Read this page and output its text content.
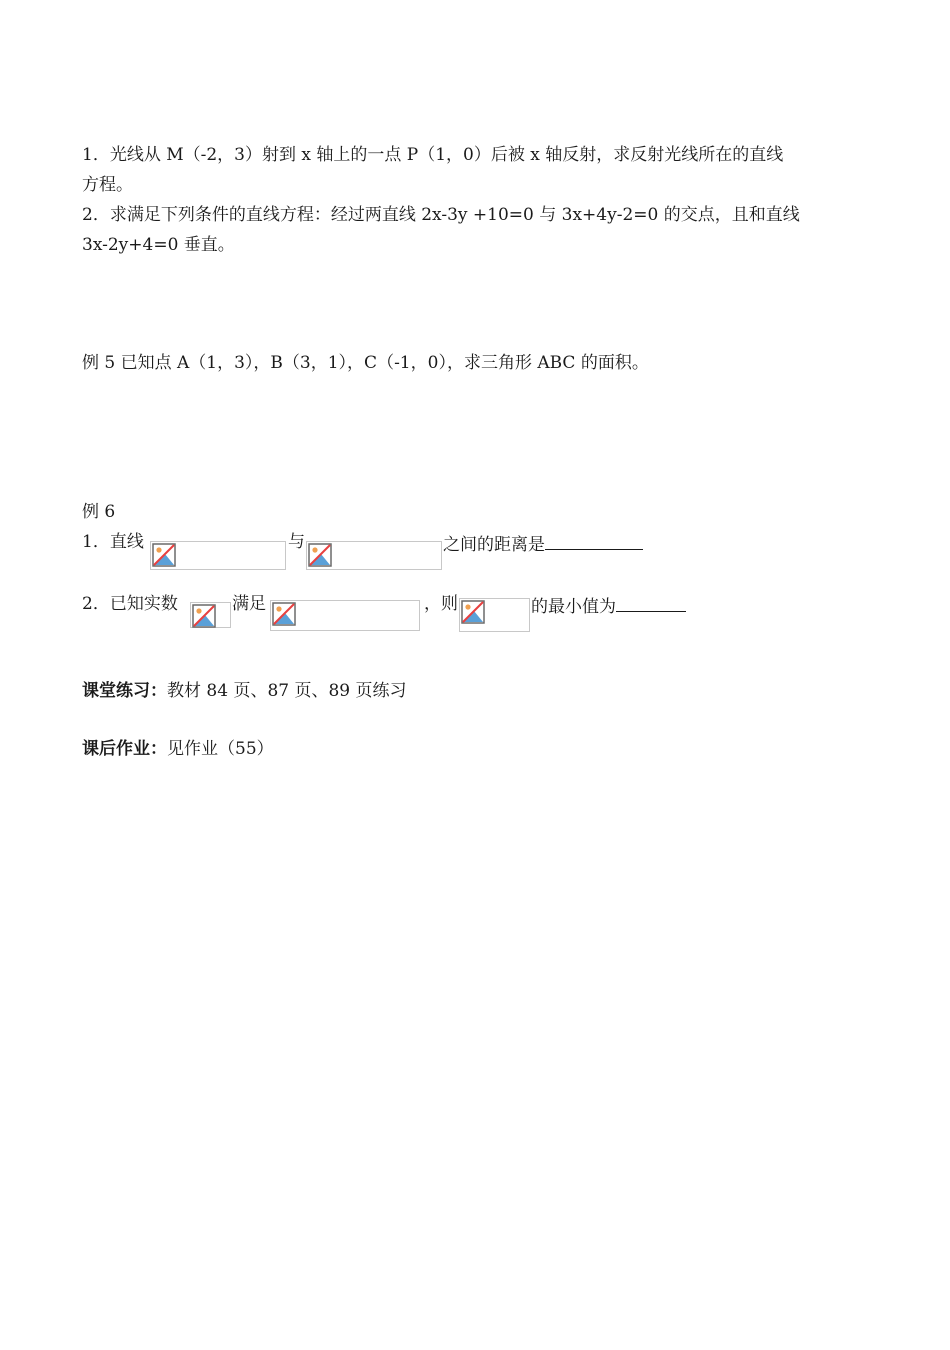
1．光线从 M（-2，3）射到 x 轴上的一点 P（1，0）后被 x 轴反射，求反射光线所在的直线
方程。
2．求满足下列条件的直线方程：经过两直线 2x-3y +10=0 与 3x+4y-2=0 的交点，且和直线
3x-2y+4=0 垂直。
例 5 已知点 A（1，3），B（3，1），C（-1，0），求三角形 ABC 的面积。
例 6
1．直线	与	之间的距离是
2．已知实数	满足	，则	的最小值为
课堂练习：教材 84 页、87 页、89 页练习
课后作业：见作业（55）
